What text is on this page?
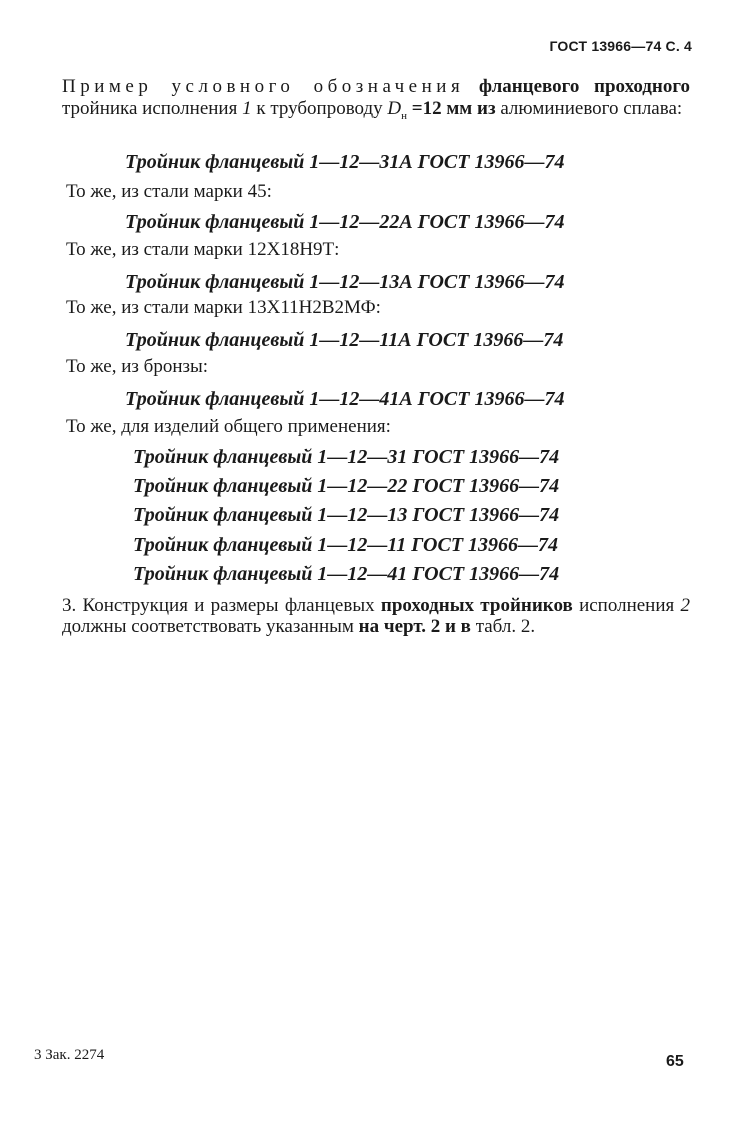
ГОСТ 13966—74 С. 4
Пример условного обозначения фланцевого проходного тройника исполнения 1 к трубопроводу $D_н =12$ мм из алюминиевого сплава:
Тройник фланцевый 1—12—31А ГОСТ 13966—74
То же, из стали марки 45:
Тройник фланцевый 1—12—22А ГОСТ 13966—74
То же, из стали марки 12Х18Н9Т:
Тройник фланцевый 1—12—13А ГОСТ 13966—74
То же, из стали марки 13Х11Н2В2МФ:
Тройник фланцевый 1—12—11А ГОСТ 13966—74
То же, из бронзы:
Тройник фланцевый 1—12—41А ГОСТ 13966—74
То же, для изделий общего применения:
Тройник фланцевый 1—12—31 ГОСТ 13966—74
Тройник фланцевый 1—12—22 ГОСТ 13966—74
Тройник фланцевый 1—12—13 ГОСТ 13966—74
Тройник фланцевый 1—12—11 ГОСТ 13966—74
Тройник фланцевый 1—12—41 ГОСТ 13966—74
3. Конструкция и размеры фланцевых проходных тройников исполнения 2 должны соответствовать указанным на черт. 2 и в табл. 2.
3 Зак. 2274	65
